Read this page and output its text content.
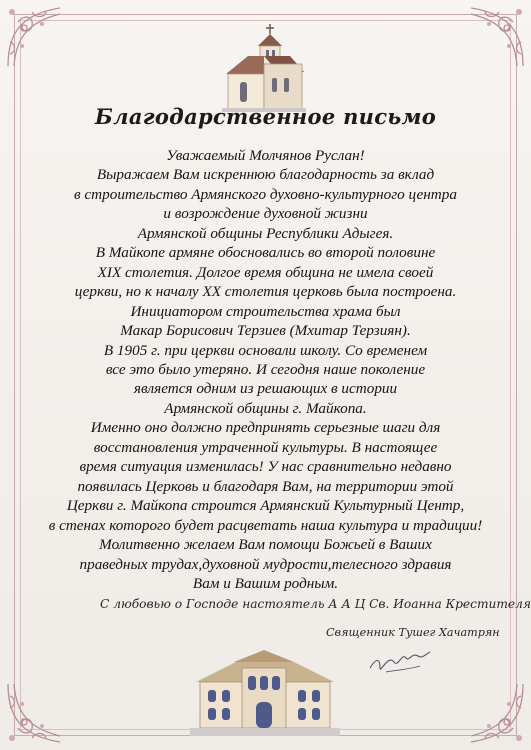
Благодарственное письмо
Уважаемый Молчянов Руслан!
Выражаем Вам искреннюю благодарность за вклад
в строительство Армянского духовно-культурного центра
и возрождение духовной жизни
Армянской общины Республики Адыгея.
В Майкопе армяне обосновались во второй половине
XIX столетия. Долгое время община не имела своей
церкви, но к началу XX столетия церковь была построена.
Инициатором строительства храма был
Макар Борисович Терзиев (Мхитар Терзиян).
В 1905 г. при церкви основали школу. Со временем
все это было утеряно. И сегодня наше поколение
является одним из решающих в истории
Армянской общины г. Майкопа.
Именно оно должно предпринять серьезные шаги для
восстановления утраченной культуры. В настоящее
время ситуация изменилась! У нас сравнительно недавно
появилась Церковь и благодаря Вам, на территории этой
Церкви г. Майкопа строится Армянский Культурный Центр,
в стенах которого будет расцветать наша культура и традиции!
Молитвенно желаем Вам помощи Божьей в Ваших
праведных трудах,духовной мудрости,телесного здравия
Вам и Вашим родным.
С любовью о Господе настоятель А А Ц Св. Иоанна Крестителя
Священник Тушег Хачатрян
